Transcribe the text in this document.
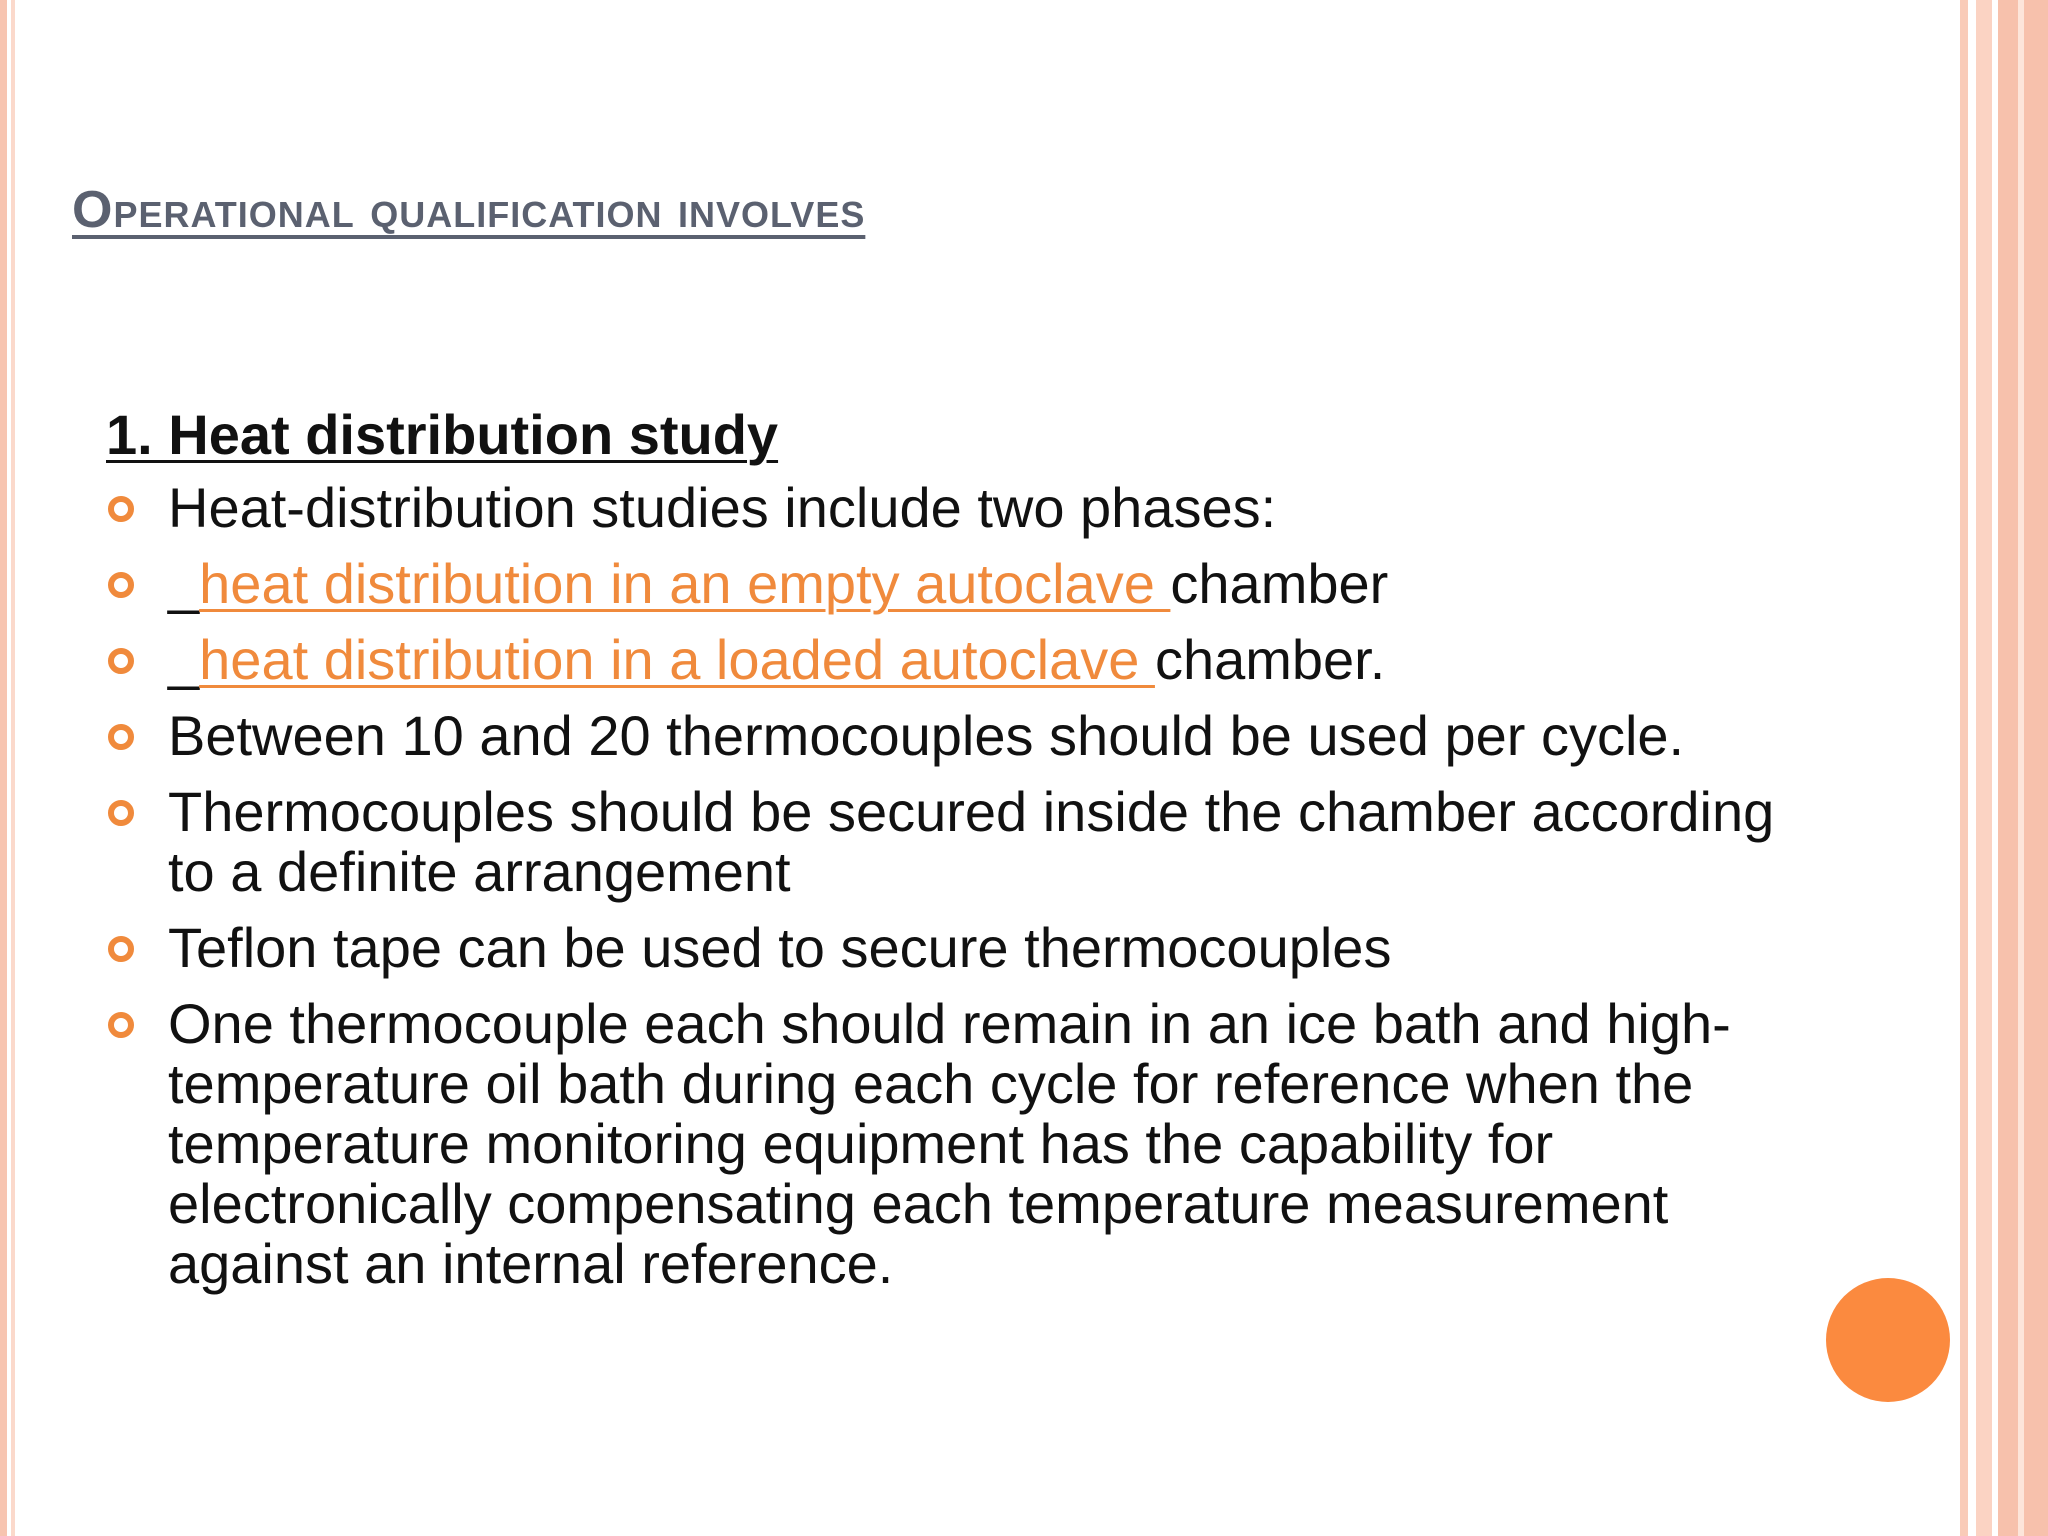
Operational qualification involves
1. Heat distribution study
Heat-distribution studies include two phases:
_heat distribution in an empty autoclave chamber
_heat distribution in a loaded autoclave chamber.
Between 10 and 20 thermocouples should be used per cycle.
Thermocouples should be secured inside the chamber according to a definite arrangement
Teflon tape can be used to secure thermocouples
One thermocouple each should remain in an ice bath and high-temperature oil bath during each cycle for reference when the temperature monitoring equipment has the capability for electronically compensating each temperature measurement against an internal reference.
